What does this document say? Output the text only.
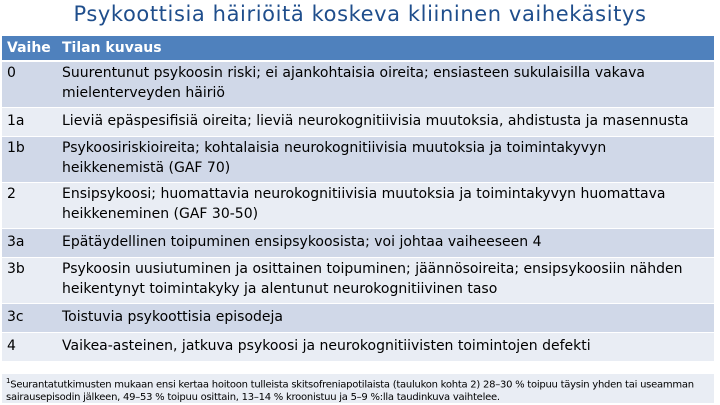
Psykoottisia häiriöitä koskeva kliininen vaihekäsitys
Vaihe	Tilan kuvaus
0	Suurentunut psykoosin riski; ei ajankohtaisia oireita; ensiasteen sukulaisilla vakava mielenterveyden häiriö
1a	Lieviä epäspesifisiä oireita; lieviä neurokognitiivisia muutoksia, ahdistusta ja masennusta
1b	Psykoosiriskioireita; kohtalaisia neurokognitiivisia muutoksia ja toimintakyvyn heikkenemistä (GAF 70)
2	Ensipsykoosi; huomattavia neurokognitiivisia muutoksia ja toimintakyvyn huomattava heikkeneminen (GAF 30-50)
3a	Epätäydellinen toipuminen ensipsykoosista; voi johtaa vaiheeseen 4
3b	Psykoosin uusiutuminen ja osittainen toipuminen; jäännösoireita; ensipsykoosiin nähden heikentynyt toimintakyky ja alentunut neurokognitiivinen taso
3c	Toistuvia psykoottisia episodeja
4	Vaikea-asteinen, jatkuva psykoosi ja neurokognitiivisten toimintojen defekti
$^1$Seurantatutkimusten mukaan ensi kertaa hoitoon tulleista skitsofreniapotilaista (taulukon kohta 2) 28–30 % toipuu täysin yhden tai useamman sairausepisodin jälkeen, 49–53 % toipuu osittain, 13–14 % kroonistuu ja 5–9 %:lla taudinkuva vaihtelee.
